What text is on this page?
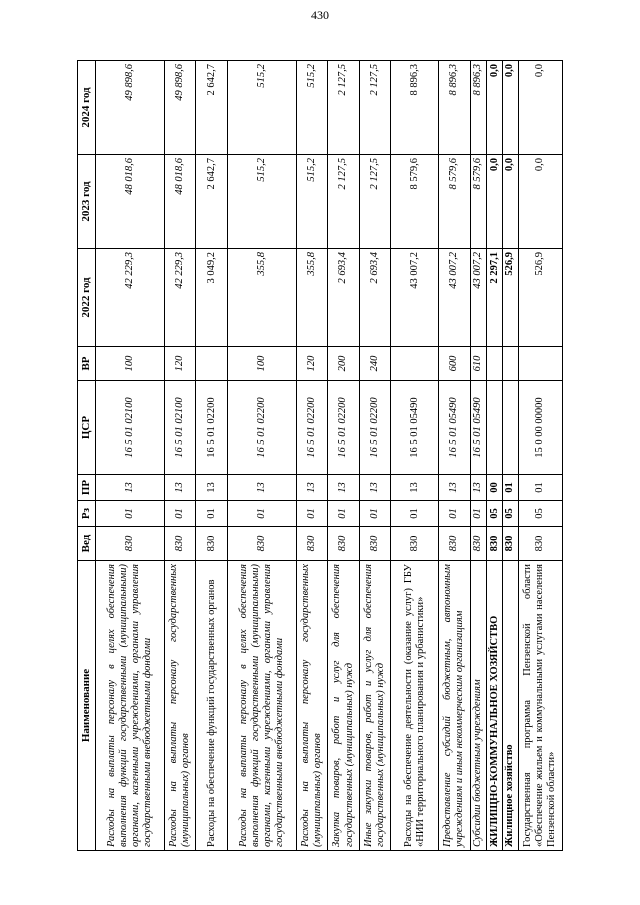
430
Наименование	Вед	Рз	ПР	ЦСР	ВР	2022 год	2023 год	2024 год
Расходы на выплаты персоналу в целях обеспечения выполнения функций государственными (муниципальными) органами, казенными учреждениями, органами управления государственными внебюджетными фондами	830	01	13	16 5 01 02100	100	42 229,3	48 018,6	49 898,6
Расходы на выплаты персоналу государственных (муниципальных) органов	830	01	13	16 5 01 02100	120	42 229,3	48 018,6	49 898,6
Расходы на обеспечение функций государственных органов	830	01	13	16 5 01 02200		3 049,2	2 642,7	2 642,7
Расходы на выплаты персоналу в целях обеспечения выполнения функций государственными (муниципальными) органами, казенными учреждениями, органами управления государственными внебюджетными фондами	830	01	13	16 5 01 02200	100	355,8	515,2	515,2
Расходы на выплаты персоналу государственных (муниципальных) органов	830	01	13	16 5 01 02200	120	355,8	515,2	515,2
Закупка товаров, работ и услуг для обеспечения государственных (муниципальных) нужд	830	01	13	16 5 01 02200	200	2 693,4	2 127,5	2 127,5
Иные закупки товаров, работ и услуг для обеспечения государственных (муниципальных) нужд	830	01	13	16 5 01 02200	240	2 693,4	2 127,5	2 127,5
Расходы на обеспечение деятельности (оказание услуг) ГБУ «НИИ территориального планирования и урбанистики»	830	01	13	16 5 01 05490		43 007,2	8 579,6	8 896,3
Предоставление субсидий бюджетным, автономным учреждениям и иным некоммерческим организациям	830	01	13	16 5 01 05490	600	43 007,2	8 579,6	8 896,3
Субсидии бюджетным учреждениям	830	01	13	16 5 01 05490	610	43 007,2	8 579,6	8 896,3
ЖИЛИЩНО-КОММУНАЛЬНОЕ ХОЗЯЙСТВО	830	05	00			2 297,1	0,0	0,0
Жилищное хозяйство	830	05	01			526,9	0,0	0,0
Государственная программа Пензенской области «Обеспечение жильем и коммунальными услугами населения Пензенской области»	830	05	01	15 0 00 00000		526,9	0,0	0,0
